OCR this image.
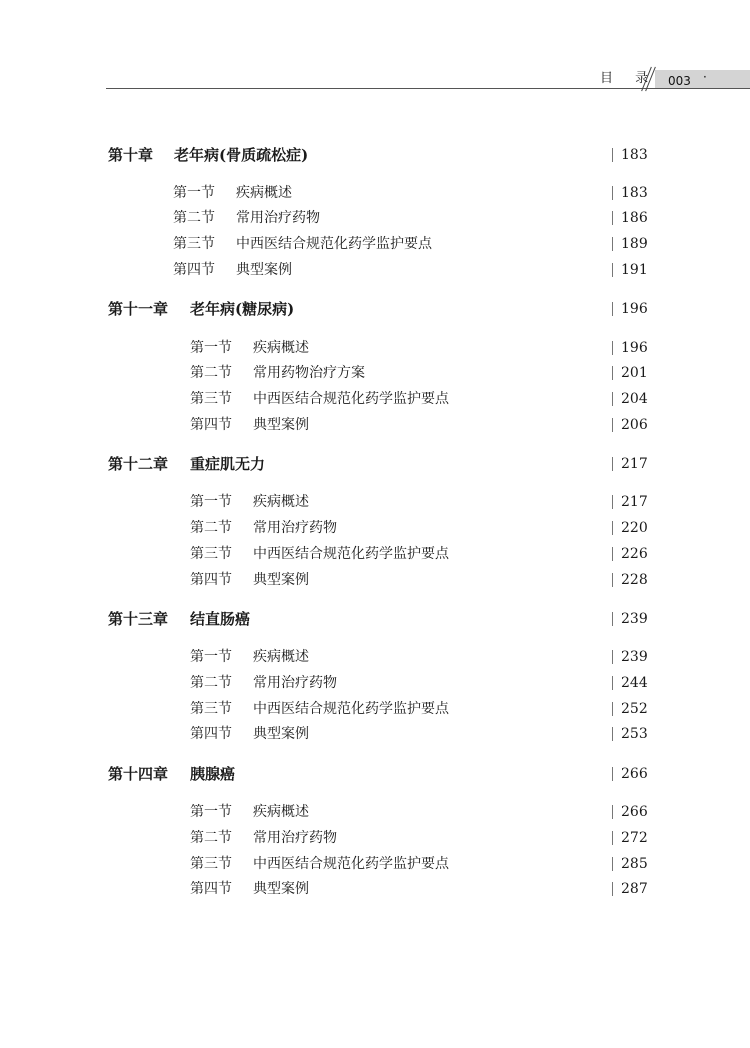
目 录 003 ·
第十章 老年病(骨质疏松症)	183
第一节 疾病概述	183
第二节 常用治疗药物	186
第三节 中西医结合规范化药学监护要点	189
第四节 典型案例	191
第十一章 老年病(糖尿病)	196
第一节 疾病概述	196
第二节 常用药物治疗方案	201
第三节 中西医结合规范化药学监护要点	204
第四节 典型案例	206
第十二章 重症肌无力	217
第一节 疾病概述	217
第二节 常用治疗药物	220
第三节 中西医结合规范化药学监护要点	226
第四节 典型案例	228
第十三章 结直肠癌	239
第一节 疾病概述	239
第二节 常用治疗药物	244
第三节 中西医结合规范化药学监护要点	252
第四节 典型案例	253
第十四章 胰腺癌	266
第一节 疾病概述	266
第二节 常用治疗药物	272
第三节 中西医结合规范化药学监护要点	285
第四节 典型案例	287
